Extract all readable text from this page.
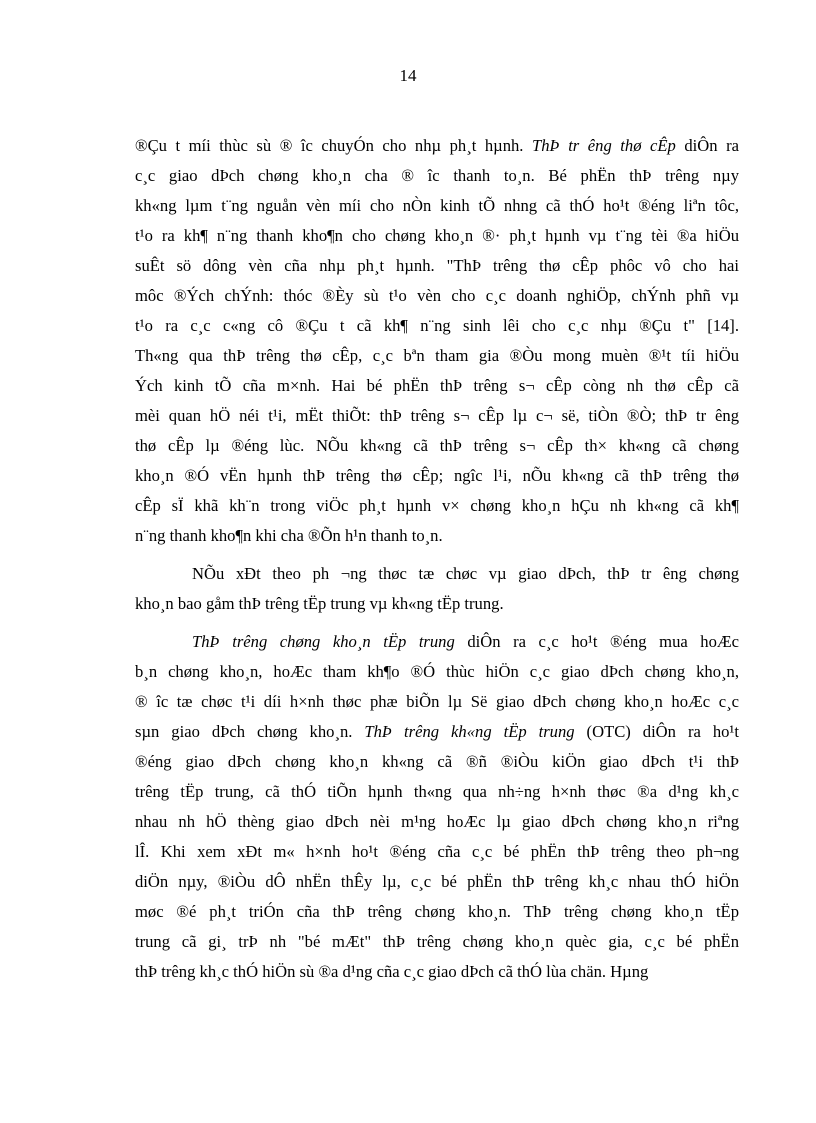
14
®Çu t míi thùc sù ® îc chuyÓn cho nhµ ph¸t hµnh. ThÞ tr êng thø cÊp diÔn ra
c¸c giao dÞch chøng kho¸n cha ® îc thanh to¸n. Bé phËn thÞ trêng nµy
kh«ng lµm t¨ng nguån vèn míi cho nÒn kinh tÕ nhng cã thÓ ho¹t ®éng liªn tôc,
t¹o ra kh¶ n¨ng thanh kho¶n cho chøng kho¸n ®· ph¸t hµnh vµ t¨ng tèi ®a hiÖu
suÊt sö dông vèn cña nhµ ph¸t hµnh. "ThÞ trêng thø cÊp phôc vô cho hai
môc ®Ých chÝnh: thóc ®Èy sù t¹o vèn cho c¸c doanh nghiÖp, chÝnh phñ vµ
t¹o ra c¸c c«ng cô ®Çu t cã kh¶ n¨ng sinh lêi cho c¸c nhµ ®Çu t" [14].
Th«ng qua thÞ trêng thø cÊp, c¸c bªn tham gia ®Òu mong muèn ®¹t tíi hiÖu
Ých kinh tÕ cña m×nh. Hai bé phËn thÞ trêng s¬ cÊp còng nh thø cÊp cã
mèi quan hÖ néi t¹i, mËt thiÕt: thÞ trêng s¬ cÊp lµ c¬ së, tiÒn ®Ò; thÞ tr êng
thø cÊp lµ ®éng lùc. NÕu kh«ng cã thÞ trêng s¬ cÊp th× kh«ng cã chøng
kho¸n ®Ó vËn hµnh thÞ trêng thø cÊp; ngîc l¹i, nÕu kh«ng cã thÞ trêng thø
cÊp sÏ khã kh¨n trong viÖc ph¸t hµnh v× chøng kho¸n hÇu nh kh«ng cã kh¶
n¨ng thanh kho¶n khi cha ®Õn h¹n thanh to¸n.
NÕu xÐt theo ph ¬ng thøc tæ chøc vµ giao dÞch, thÞ tr êng chøng
kho¸n bao gåm thÞ trêng tËp trung vµ kh«ng tËp trung.
ThÞ trêng chøng kho¸n tËp trung diÔn ra c¸c ho¹t ®éng mua hoÆc
b¸n chøng kho¸n, hoÆc tham kh¶o ®Ó thùc hiÖn c¸c giao dÞch chøng kho¸n,
® îc tæ chøc t¹i díi h×nh thøc phæ biÕn lµ Së giao dÞch chøng kho¸n hoÆc c¸c
sµn giao dÞch chøng kho¸n. ThÞ trêng kh«ng tËp trung (OTC) diÔn ra ho¹t
®éng giao dÞch chøng kho¸n kh«ng cã ®ñ ®iÒu kiÖn giao dÞch t¹i thÞ
trêng tËp trung, cã thÓ tiÕn hµnh th«ng qua nh÷ng h×nh thøc ®a d¹ng kh¸c
nhau nh hÖ thèng giao dÞch nèi m¹ng hoÆc lµ giao dÞch chøng kho¸n riªng
lÎ. Khi xem xÐt m« h×nh ho¹t ®éng cña c¸c bé phËn thÞ trêng theo ph¬ng
diÖn nµy, ®iÒu dÔ nhËn thÊy lµ, c¸c bé phËn thÞ trêng kh¸c nhau thÓ hiÖn
møc ®é ph¸t triÓn cña thÞ trêng chøng kho¸n. ThÞ trêng chøng kho¸n tËp
trung cã gi¸ trÞ nh "bé mÆt" thÞ trêng chøng kho¸n quèc gia, c¸c bé phËn
thÞ trêng kh¸c thÓ hiÖn sù ®a d¹ng cña c¸c giao dÞch cã thÓ lùa chän. Hµng
